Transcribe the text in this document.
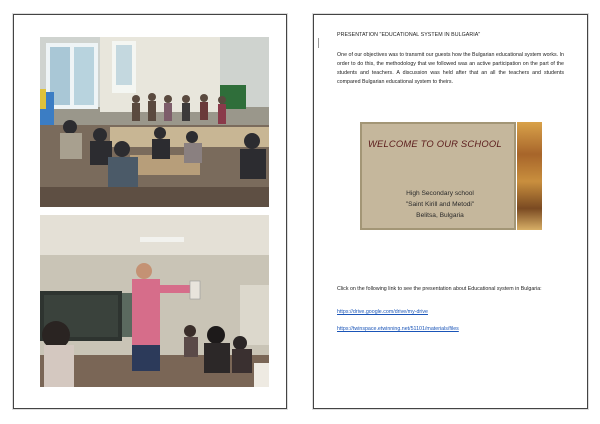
PRESENTATION "EDUCATIONAL SYSTEM IN BULGARIA"
One of our objectives was to transmit our guests how the Bulgarian educational system works. In order to do this, the methodology that we followed was an active participation on the part of the students and teachers. A discussion was held after that an all the teachers and students compared Bulgarian educational system to theirs.
WELCOME TO OUR SCHOOL
High Secondary school
"Saint Kirill and Metodi"
Belitsa, Bulgaria
Click on the following link to see the presentation about Educational system in Bulgaria:
https://drive.google.com/drive/my-drive
https://twinspace.etwinning.net/51101/materials/files
